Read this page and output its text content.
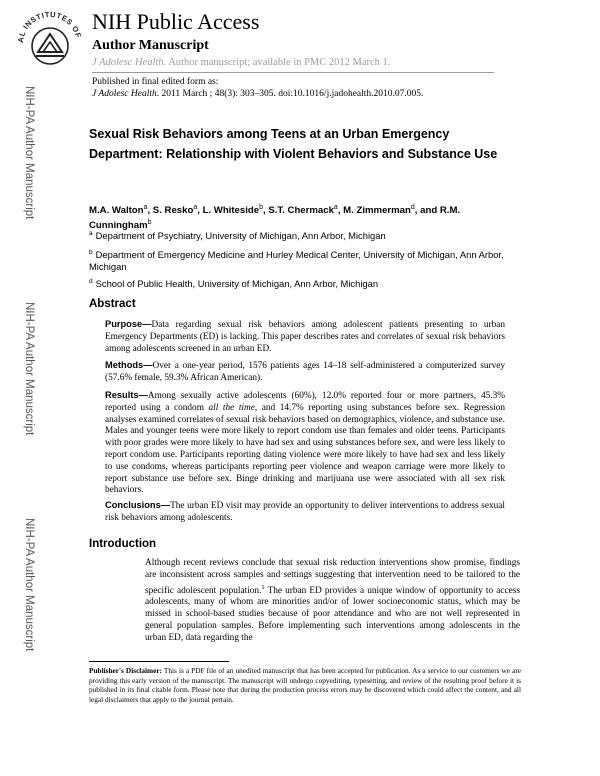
AL INSTITUTES OF
NIH Public Access
Author Manuscript
J Adolesc Health. Author manuscript; available in PMC 2012 March 1.
Published in final edited form as:
J Adolesc Health. 2011 March ; 48(3): 303–305. doi:10.1016/j.jadohealth.2010.07.005.
NIH-PA Author Manuscript
NIH-PA Author Manuscript
NIH-PA Author Manuscript
Sexual Risk Behaviors among Teens at an Urban Emergency Department: Relationship with Violent Behaviors and Substance Use
M.A. Walton$^a$, S. Resko$^a$, L. Whiteside$^b$, S.T. Chermack$^a$, M. Zimmerman$^d$, and R.M. Cunningham$^b$
$^a$ Department of Psychiatry, University of Michigan, Ann Arbor, Michigan
$^b$ Department of Emergency Medicine and Hurley Medical Center, University of Michigan, Ann Arbor, Michigan
$^d$ School of Public Health, University of Michigan, Ann Arbor, Michigan
Abstract
Purpose—Data regarding sexual risk behaviors among adolescent patients presenting to urban Emergency Departments (ED) is lacking. This paper describes rates and correlates of sexual risk behaviors among adolescents screened in an urban ED.
Methods—Over a one-year period, 1576 patients ages 14–18 self-administered a computerized survey (57.6% female, 59.3% African American).
Results—Among sexually active adolescents (60%), 12.0% reported four or more partners, 45.3% reported using a condom all the time, and 14.7% reporting using substances before sex. Regression analyses examined correlates of sexual risk behaviors based on demographics, violence, and substance use. Males and younger teens were more likely to report condom use than females and older teens. Participants with poor grades were more likely to have had sex and using substances before sex, and were less likely to report condom use. Participants reporting dating violence were more likely to have had sex and less likely to use condoms, whereas participants reporting peer violence and weapon carriage were more likely to report substance use before sex. Binge drinking and marijuana use were associated with all sex risk behaviors.
Conclusions—The urban ED visit may provide an opportunity to deliver interventions to address sexual risk behaviors among adolescents.
Introduction
Although recent reviews conclude that sexual risk reduction interventions show promise, findings are inconsistent across samples and settings suggesting that intervention need to be tailored to the specific adolescent population.$^1$ The urban ED provides a unique window of opportunity to access adolescents, many of whom are minorities and/or of lower socioeconomic status, which may be missed in school-based studies because of poor attendance and who are not well represented in general population samples. Before implementing such interventions among adolescents in the urban ED, data regarding the
Publisher's Disclaimer: This is a PDF file of an unedited manuscript that has been accepted for publication. As a service to our customers we are providing this early version of the manuscript. The manuscript will undergo copyediting, typesetting, and review of the resulting proof before it is published in its final citable form. Please note that during the production process errors may be discovered which could affect the content, and all legal disclaimers that apply to the journal pertain.
